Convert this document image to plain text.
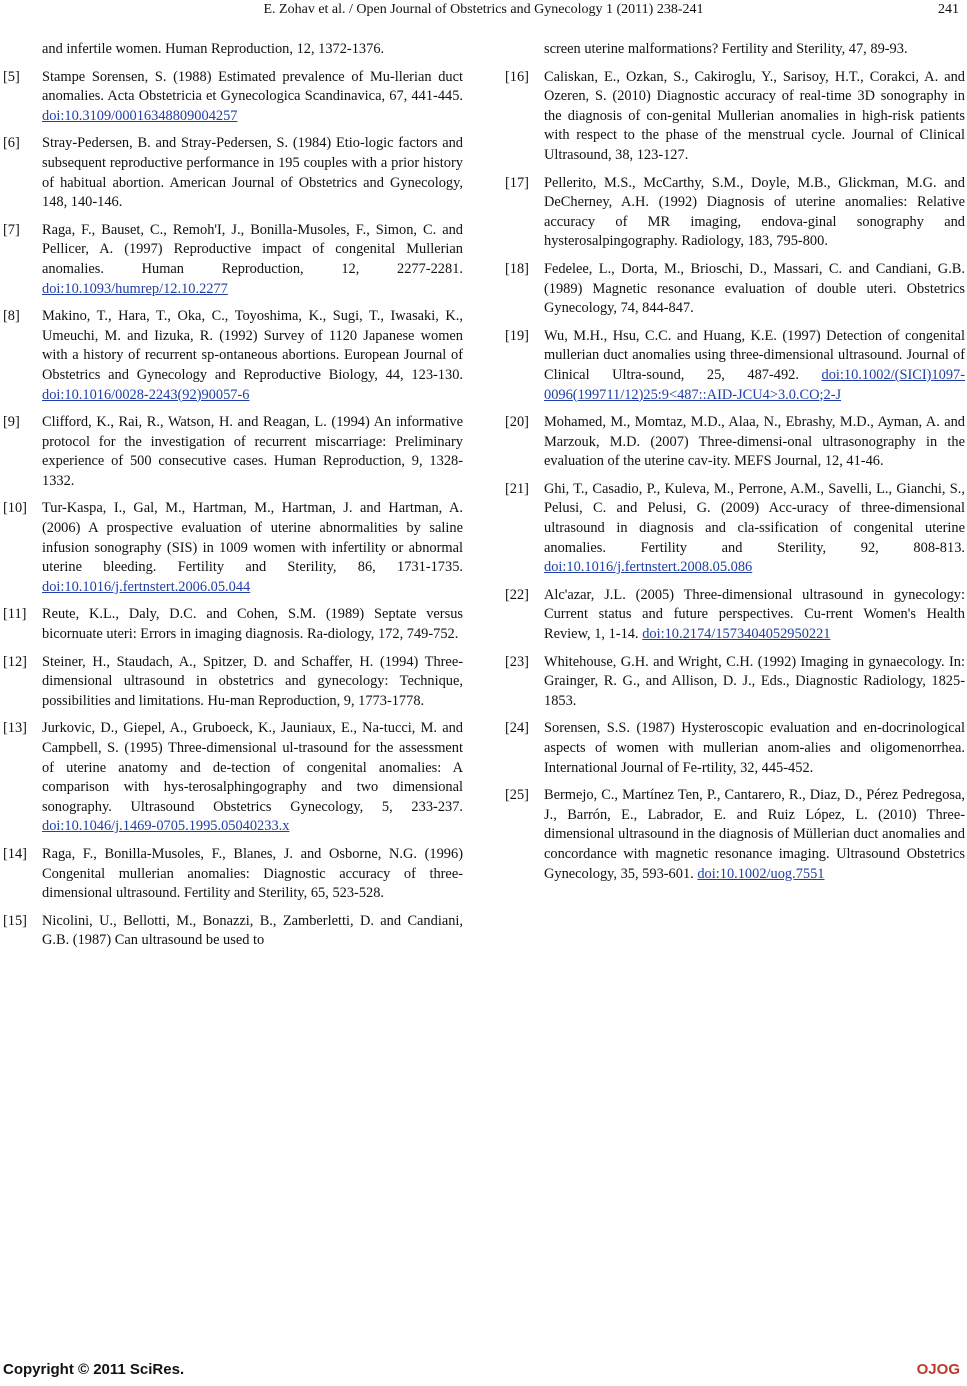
E. Zohav et al. / Open Journal of Obstetrics and Gynecology 1 (2011) 238-241	241
and infertile women. Human Reproduction, 12, 1372-1376.
[5] Stampe Sorensen, S. (1988) Estimated prevalence of Mu-llerian duct anomalies. Acta Obstetricia et Gynecologica Scandinavica, 67, 441-445. doi:10.3109/00016348809004257
[6] Stray-Pedersen, B. and Stray-Pedersen, S. (1984) Etio-logic factors and subsequent reproductive performance in 195 couples with a prior history of habitual abortion. American Journal of Obstetrics and Gynecology, 148, 140-146.
[7] Raga, F., Bauset, C., Remoh'I, J., Bonilla-Musoles, F., Simon, C. and Pellicer, A. (1997) Reproductive impact of congenital Mullerian anomalies. Human Reproduction, 12, 2277-2281. doi:10.1093/humrep/12.10.2277
[8] Makino, T., Hara, T., Oka, C., Toyoshima, K., Sugi, T., Iwasaki, K., Umeuchi, M. and Iizuka, R. (1992) Survey of 1120 Japanese women with a history of recurrent sp-ontaneous abortions. European Journal of Obstetrics and Gynecology and Reproductive Biology, 44, 123-130. doi:10.1016/0028-2243(92)90057-6
[9] Clifford, K., Rai, R., Watson, H. and Reagan, L. (1994) An informative protocol for the investigation of recurrent miscarriage: Preliminary experience of 500 consecutive cases. Human Reproduction, 9, 1328-1332.
[10] Tur-Kaspa, I., Gal, M., Hartman, M., Hartman, J. and Hartman, A. (2006) A prospective evaluation of uterine abnormalities by saline infusion sonography (SIS) in 1009 women with infertility or abnormal uterine bleeding. Fertility and Sterility, 86, 1731-1735. doi:10.1016/j.fertnstert.2006.05.044
[11] Reute, K.L., Daly, D.C. and Cohen, S.M. (1989) Septate versus bicornuate uteri: Errors in imaging diagnosis. Ra-diology, 172, 749-752.
[12] Steiner, H., Staudach, A., Spitzer, D. and Schaffer, H. (1994) Three-dimensional ultrasound in obstetrics and gynecology: Technique, possibilities and limitations. Hu-man Reproduction, 9, 1773-1778.
[13] Jurkovic, D., Giepel, A., Gruboeck, K., Jauniaux, E., Na-tucci, M. and Campbell, S. (1995) Three-dimensional ul-trasound for the assessment of uterine anatomy and de-tection of congenital anomalies: A comparison with hys-terosalphingography and two dimensional sonography. Ultrasound Obstetrics Gynecology, 5, 233-237. doi:10.1046/j.1469-0705.1995.05040233.x
[14] Raga, F., Bonilla-Musoles, F., Blanes, J. and Osborne, N.G. (1996) Congenital mullerian anomalies: Diagnostic accuracy of three-dimensional ultrasound. Fertility and Sterility, 65, 523-528.
[15] Nicolini, U., Bellotti, M., Bonazzi, B., Zamberletti, D. and Candiani, G.B. (1987) Can ultrasound be used to
screen uterine malformations? Fertility and Sterility, 47, 89-93.
[16] Caliskan, E., Ozkan, S., Cakiroglu, Y., Sarisoy, H.T., Corakci, A. and Ozeren, S. (2010) Diagnostic accuracy of real-time 3D sonography in the diagnosis of con-genital Mullerian anomalies in high-risk patients with respect to the phase of the menstrual cycle. Journal of Clinical Ultrasound, 38, 123-127.
[17] Pellerito, M.S., McCarthy, S.M., Doyle, M.B., Glickman, M.G. and DeCherney, A.H. (1992) Diagnosis of uterine anomalies: Relative accuracy of MR imaging, endova-ginal sonography and hysterosalpingography. Radiology, 183, 795-800.
[18] Fedelee, L., Dorta, M., Brioschi, D., Massari, C. and Candiani, G.B. (1989) Magnetic resonance evaluation of double uteri. Obstetrics Gynecology, 74, 844-847.
[19] Wu, M.H., Hsu, C.C. and Huang, K.E. (1997) Detection of congenital mullerian duct anomalies using three-dimensional ultrasound. Journal of Clinical Ultra-sound, 25, 487-492. doi:10.1002/(SICI)1097-0096(199711/12)25:9<487::AID-JCU4>3.0.CO;2-J
[20] Mohamed, M., Momtaz, M.D., Alaa, N., Ebrashy, M.D., Ayman, A. and Marzouk, M.D. (2007) Three-dimensi-onal ultrasonography in the evaluation of the uterine cav-ity. MEFS Journal, 12, 41-46.
[21] Ghi, T., Casadio, P., Kuleva, M., Perrone, A.M., Savelli, L., Gianchi, S., Pelusi, C. and Pelusi, G. (2009) Acc-uracy of three-dimensional ultrasound in diagnosis and cla-ssification of congenital uterine anomalies. Fertility and Sterility, 92, 808-813. doi:10.1016/j.fertnstert.2008.05.086
[22] Alc'azar, J.L. (2005) Three-dimensional ultrasound in gynecology: Current status and future perspectives. Cu-rrent Women's Health Review, 1, 1-14. doi:10.2174/1573404052950221
[23] Whitehouse, G.H. and Wright, C.H. (1992) Imaging in gynaecology. In: Grainger, R. G., and Allison, D. J., Eds., Diagnostic Radiology, 1825-1853.
[24] Sorensen, S.S. (1987) Hysteroscopic evaluation and en-docrinological aspects of women with mullerian anom-alies and oligomenorrhea. International Journal of Fe-rtility, 32, 445-452.
[25] Bermejo, C., Martínez Ten, P., Cantarero, R., Diaz, D., Pérez Pedregosa, J., Barrón, E., Labrador, E. and Ruiz López, L. (2010) Three-dimensional ultrasound in the diagnosis of Müllerian duct anomalies and concordance with magnetic resonance imaging. Ultrasound Obstetrics Gynecology, 35, 593-601. doi:10.1002/uog.7551
Copyright © 2011 SciRes.	OJOG
